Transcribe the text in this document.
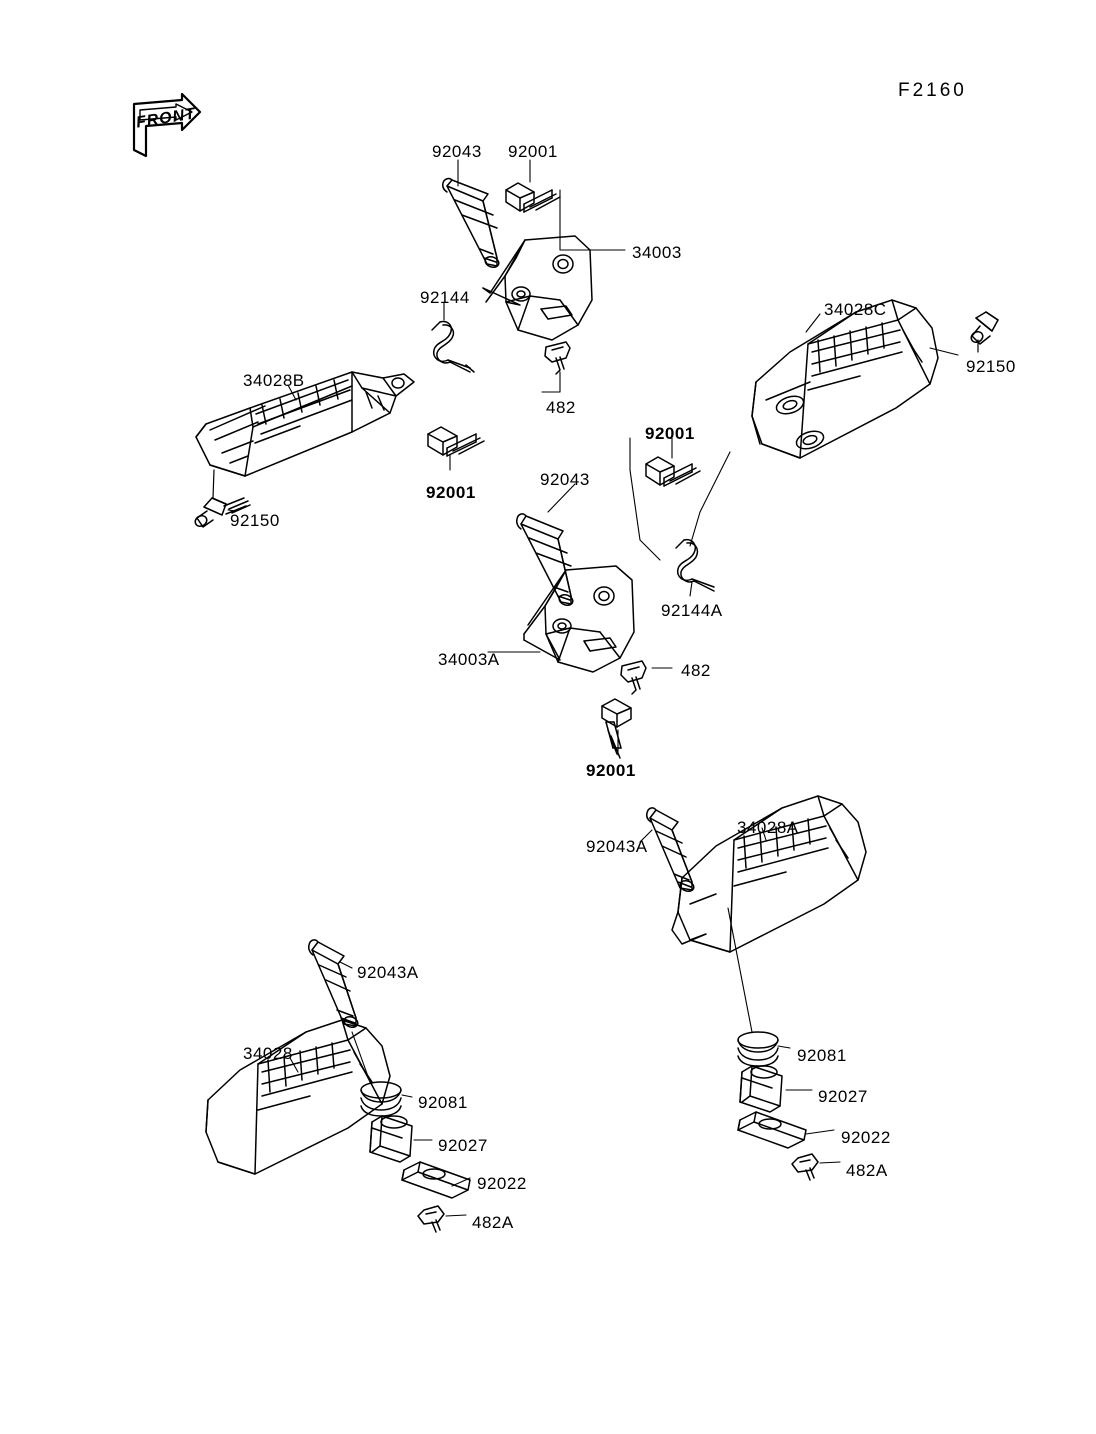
F2160
FRONT
92043 92001
34003
92144
34028C
92150
34028B
482
92001
92001
92043
92150
92144A
34003A
482
92001
34028A
92043A
92081
92043A
92027
34028
92022
482A
92081
92027
92022
482A
